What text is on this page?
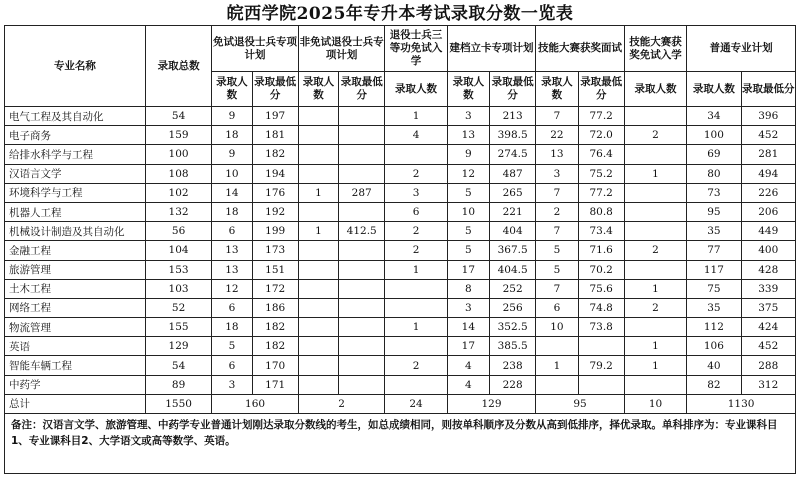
皖西学院2025年专升本考试录取分数一览表
专业名称	录取总数	免试退役士兵专项计划		非免试退役士兵专项计划		退役士兵三等功免试入学	建档立卡专项计划		技能大赛获奖面试		技能大赛获奖免试入学	普通专业计划	
		录取人数	录取最低分	录取人数	录取最低分	录取人数	录取人数	录取最低分	录取人数	录取最低分	录取人数	录取人数	录取最低分
电气工程及其自动化	54	9	197			1	3	213	7	77.2		34	396
电子商务	159	18	181			4	13	398.5	22	72.0	2	100	452
给排水科学与工程	100	9	182				9	274.5	13	76.4		69	281
汉语言文学	108	10	194			2	12	487	3	75.2	1	80	494
环境科学与工程	102	14	176	1	287	3	5	265	7	77.2		73	226
机器人工程	132	18	192			6	10	221	2	80.8		95	206
机械设计制造及其自动化	56	6	199	1	412.5	2	5	404	7	73.4		35	449
金融工程	104	13	173			2	5	367.5	5	71.6	2	77	400
旅游管理	153	13	151			1	17	404.5	5	70.2		117	428
土木工程	103	12	172				8	252	7	75.6	1	75	339
网络工程	52	6	186				3	256	6	74.8	2	35	375
物流管理	155	18	182			1	14	352.5	10	73.8		112	424
英语	129	5	182				17	385.5			1	106	452
智能车辆工程	54	6	170			2	4	238	1	79.2	1	40	288
中药学	89	3	171				4	228				82	312
总计	1550	160		2		24	129		95		10	1130	
备注：汉语言文学、旅游管理、中药学专业普通计划刚达录取分数线的考生，如总成绩相同，则按单科顺序及分数从高到低排序，择优录取。单科排序为：专业课科目1、专业课科目2、大学语文或高等数学、英语。
